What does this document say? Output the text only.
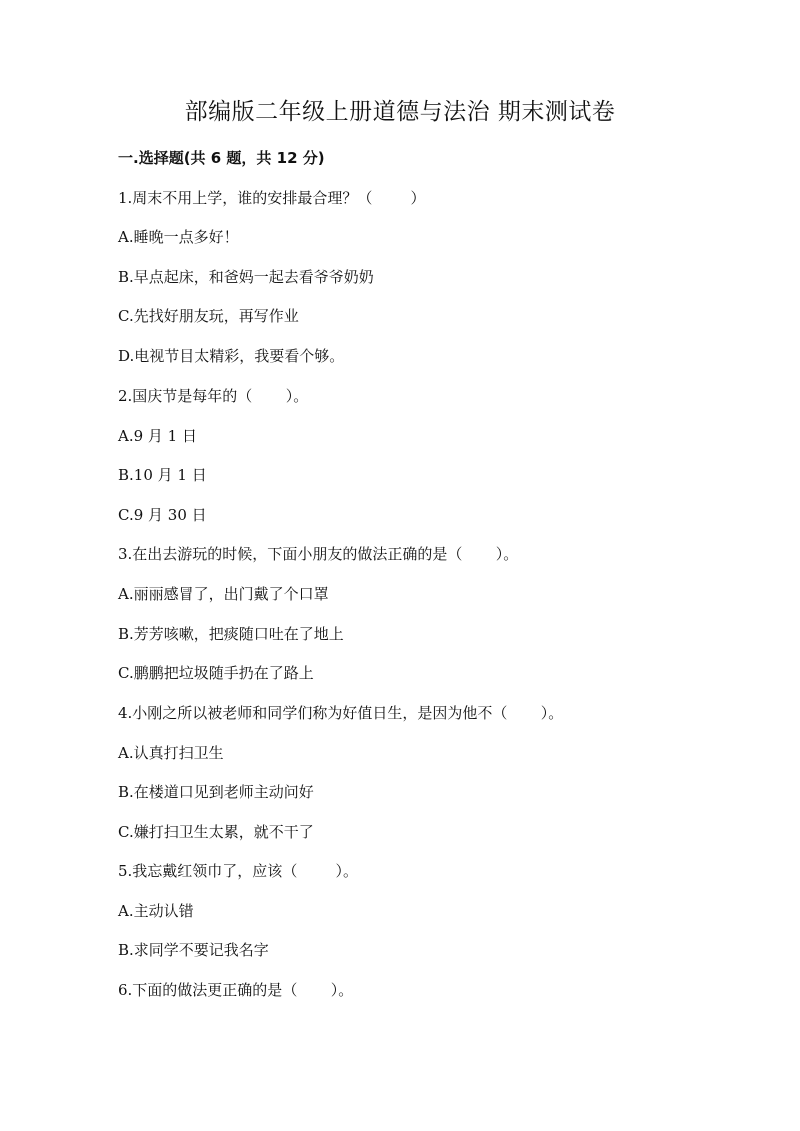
部编版二年级上册道德与法治 期末测试卷
一.选择题(共 6 题，共 12 分)
1.周末不用上学，谁的安排最合理？（        ）
A.睡晚一点多好！
B.早点起床，和爸妈一起去看爷爷奶奶
C.先找好朋友玩，再写作业
D.电视节目太精彩，我要看个够。
2.国庆节是每年的（       ）。
A.9 月 1 日
B.10 月 1 日
C.9 月 30 日
3.在出去游玩的时候，下面小朋友的做法正确的是（       ）。
A.丽丽感冒了，出门戴了个口罩
B.芳芳咳嗽，把痰随口吐在了地上
C.鹏鹏把垃圾随手扔在了路上
4.小刚之所以被老师和同学们称为好值日生，是因为他不（       ）。
A.认真打扫卫生
B.在楼道口见到老师主动问好
C.嫌打扫卫生太累，就不干了
5.我忘戴红领巾了，应该（        ）。
A.主动认错
B.求同学不要记我名字
6.下面的做法更正确的是（       ）。
